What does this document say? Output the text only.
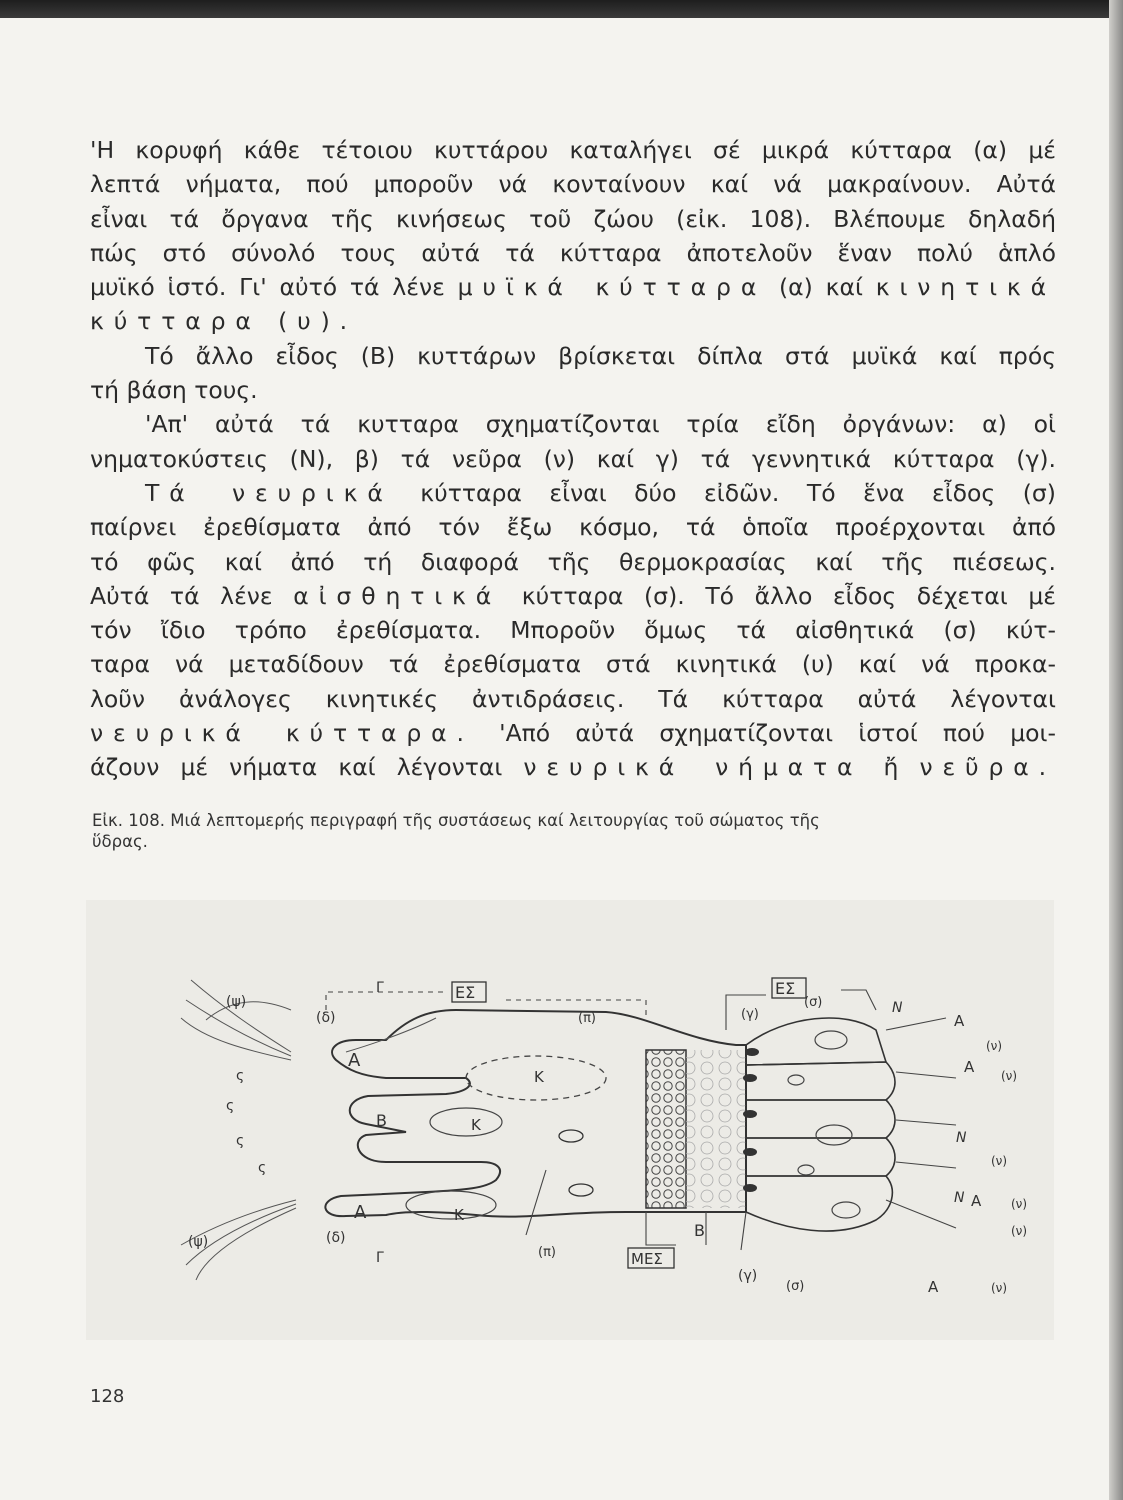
'Η κορυφή κάθε τέτοιου κυττάρου καταλήγει σέ μικρά κύτταρα (α) μέ

λεπτά νήματα, πού μποροῦν νά κονταίνουν καί νά μακραίνουν. Αὐτά

εἶναι τά ὄργανα τῆς κινήσεως τοῦ ζώου (εἰκ. 108). Βλέπουμε δηλαδή

πώς στό σύνολό τους αὐτά τά κύτταρα ἀποτελοῦν ἕναν πολύ ἁπλό

μυϊκό ἱστό. Γι' αὐτό τά λένε μυϊκά κύτταρα (α) καί κινητικά

κύτταρα (υ).

Τό ἄλλο εἶδος (Β) κυττάρων βρίσκεται δίπλα στά μυϊκά καί πρός

τή βάση τους.

'Απ' αὐτά τά κυτταρα σχηματίζονται τρία εἴδη ὀργάνων: α) οἱ

νηματοκύστεις (Ν), β) τά νεῦρα (ν) καί γ) τά γεννητικά κύτταρα (γ).

Τά νευρικά κύτταρα εἶναι δύο εἰδῶν. Τό ἕνα εἶδος (σ)

παίρνει ἐρεθίσματα ἀπό τόν ἔξω κόσμο, τά ὁποῖα προέρχονται ἀπό

τό φῶς καί ἀπό τή διαφορά τῆς θερμοκρασίας καί τῆς πιέσεως.

Αὐτά τά λένε αἰσθητικά κύτταρα (σ). Τό ἄλλο εἶδος δέχεται μέ

τόν ἴδιο τρόπο ἐρεθίσματα. Μποροῦν ὅμως τά αἰσθητικά (σ) κύτ-

ταρα νά μεταδίδουν τά ἐρεθίσματα στά κινητικά (υ) καί νά προκα-

λοῦν ἀνάλογες κινητικές ἀντιδράσεις. Τά κύτταρα αὐτά λέγονται

νευρικά κύτταρα. 'Από αὐτά σχηματίζονται ἱστοί πού μοι-

άζουν μέ νήματα καί λέγονται νευρικά νήματα ἤ νεῦρα.

Εἰκ. 108. Μιά λεπτομερής περιγραφή τῆς συστάσεως καί λειτουργίας τοῦ σώματος τῆς
ὕδρας.
ΕΣ	ΕΣ
ΜΕΣ
(ψ)
(ψ)
(δ)
(δ)
Γ
Γ
ς
ς
ς
ς
Α
Β
Κ
Κ
Α	Κ
(π)
(π)
Β
(γ)
(γ)
(σ)
(σ)
Ν
Α
(ν)
Α (ν)
Ν
(ν)
Α (ν)
Ν
(ν)
Α	(ν)
128
